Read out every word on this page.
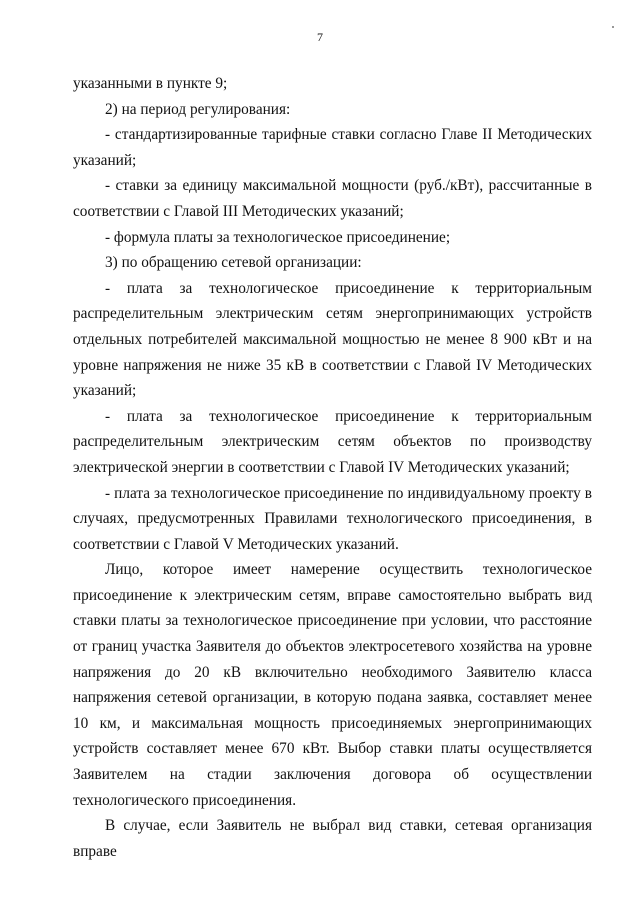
7

указанными в пункте 9;

2) на период регулирования:

- стандартизированные тарифные ставки согласно Главе II Методических указаний;

- ставки за единицу максимальной мощности (руб./кВт), рассчитанные в соответствии с Главой III Методических указаний;

- формула платы за технологическое присоединение;

3) по обращению сетевой организации:

- плата за технологическое присоединение к территориальным распределительным электрическим сетям энергопринимающих устройств отдельных потребителей максимальной мощностью не менее 8 900 кВт и на уровне напряжения не ниже 35 кВ в соответствии с Главой IV Методических указаний;

- плата за технологическое присоединение к территориальным распределительным электрическим сетям объектов по производству электрической энергии в соответствии с Главой IV Методических указаний;

- плата за технологическое присоединение по индивидуальному проекту в случаях, предусмотренных Правилами технологического присоединения, в соответствии с Главой V Методических указаний.

Лицо, которое имеет намерение осуществить технологическое присоединение к электрическим сетям, вправе самостоятельно выбрать вид ставки платы за технологическое присоединение при условии, что расстояние от границ участка Заявителя до объектов электросетевого хозяйства на уровне напряжения до 20 кВ включительно необходимого Заявителю класса напряжения сетевой организации, в которую подана заявка, составляет менее 10 км, и максимальная мощность присоединяемых энергопринимающих устройств составляет менее 670 кВт. Выбор ставки платы осуществляется Заявителем на стадии заключения договора об осуществлении технологического присоединения.

В случае, если Заявитель не выбрал вид ставки, сетевая организация вправе
